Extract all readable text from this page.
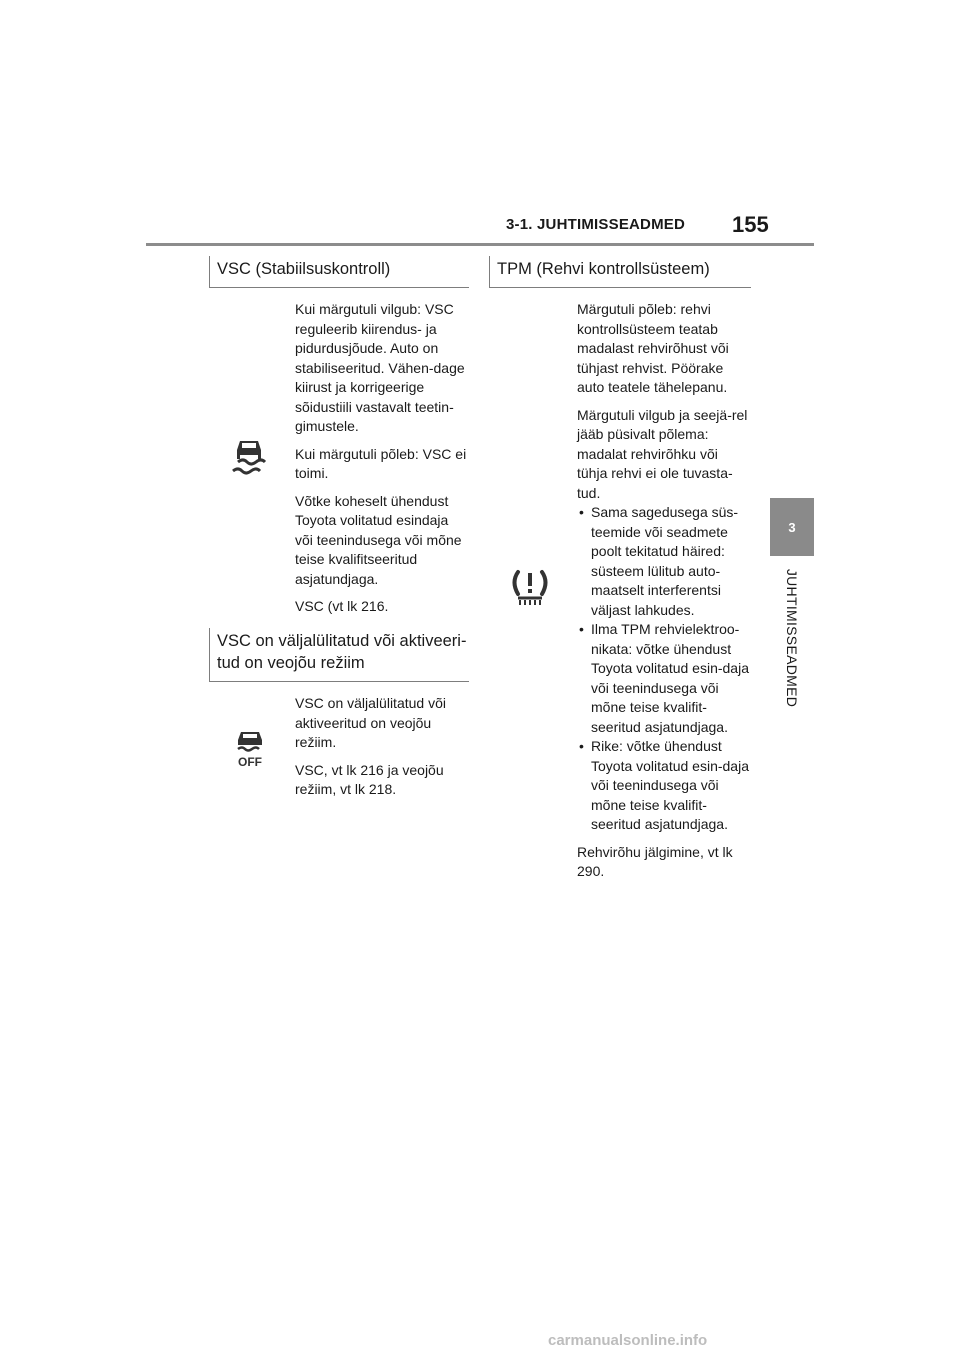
3-1. JUHTIMISSEADMED 155
3
JUHTIMISSEADMED
VSC (Stabiilsuskontroll)

Kui märgutuli vilgub: VSC reguleerib kiirendus- ja pidurdusjõude. Auto on stabiliseeritud. Vähen-dage kiirust ja korrigeerige sõidustiili vastavalt teetin-gimustele.

Kui märgutuli põleb: VSC ei toimi.

Võtke koheselt ühendust Toyota volitatud esindaja või teenindusega või mõne teise kvalifitseeritud asjatundjaga.

VSC (vt lk 216.

VSC on väljalülitatud või aktiveeri-tud on veojõu režiim
OFF

VSC on väljalülitatud või aktiveeritud on veojõu režiim.

VSC, vt lk 216 ja veojõu režiim, vt lk 218.

TPM (Rehvi kontrollsüsteem)

Märgutuli põleb: rehvi kontrollsüsteem teatab madalast rehvirõhust või tühjast rehvist. Pöörake auto teatele tähelepanu.

Märgutuli vilgub ja seejä-rel jääb püsivalt põlema: madalat rehvirõhku või tühja rehvi ei ole tuvasta-tud.

• Sama sagedusega süs-teemide või seadmete poolt tekitatud häired: süsteem lülitub auto-maatselt interferentsi väljast lahkudes.
• Ilma TPM rehvielektroo-nikata: võtke ühendust Toyota volitatud esin-daja või teenindusega või mõne teise kvalifit-seeritud asjatundjaga.
• Rike: võtke ühendust Toyota volitatud esin-daja või teenindusega või mõne teise kvalifit-seeritud asjatundjaga.

Rehvirõhu jälgimine, vt lk 290.

carmanualsonline.info
